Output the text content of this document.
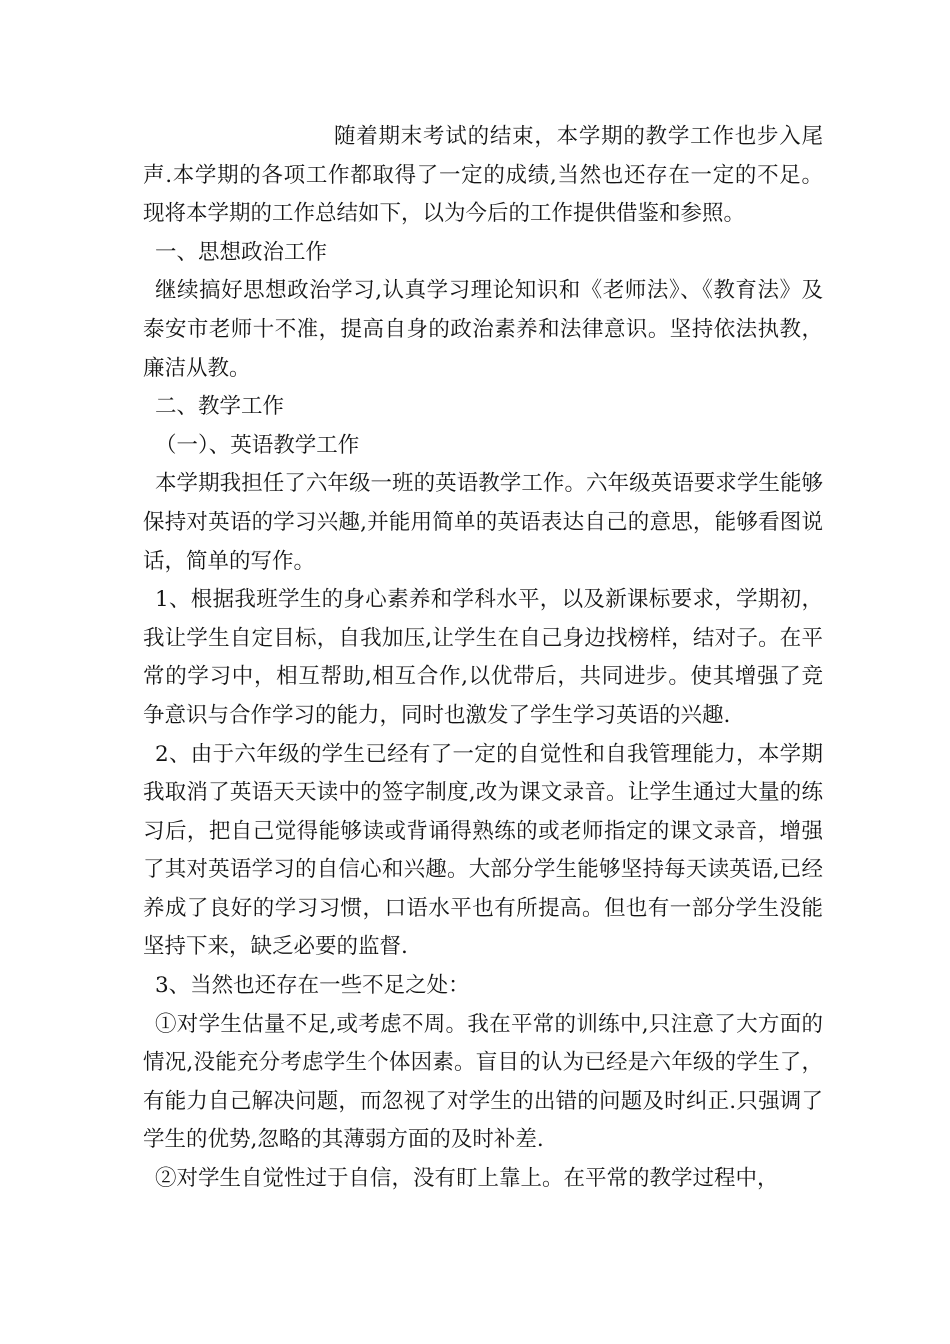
随着期末考试的结束，本学期的教学工作也步入尾声.本学期的各项工作都取得了一定的成绩,当然也还存在一定的不足。现将本学期的工作总结如下，以为今后的工作提供借鉴和参照。

一、思想政治工作

继续搞好思想政治学习,认真学习理论知识和《老师法》、《教育法》及泰安市老师十不准，提高自身的政治素养和法律意识。坚持依法执教，廉洁从教。

二、教学工作

（一）、英语教学工作

本学期我担任了六年级一班的英语教学工作。六年级英语要求学生能够保持对英语的学习兴趣,并能用简单的英语表达自己的意思，能够看图说话，简单的写作。

1、根据我班学生的身心素养和学科水平，以及新课标要求，学期初，我让学生自定目标，自我加压,让学生在自己身边找榜样，结对子。在平常的学习中，相互帮助,相互合作,以优带后，共同进步。使其增强了竞争意识与合作学习的能力，同时也激发了学生学习英语的兴趣.

2、由于六年级的学生已经有了一定的自觉性和自我管理能力，本学期我取消了英语天天读中的签字制度,改为课文录音。让学生通过大量的练习后，把自己觉得能够读或背诵得熟练的或老师指定的课文录音，增强了其对英语学习的自信心和兴趣。大部分学生能够坚持每天读英语,已经养成了良好的学习习惯，口语水平也有所提高。但也有一部分学生没能坚持下来，缺乏必要的监督.

3、当然也还存在一些不足之处：

①对学生估量不足,或考虑不周。我在平常的训练中,只注意了大方面的情况,没能充分考虑学生个体因素。盲目的认为已经是六年级的学生了，有能力自己解决问题，而忽视了对学生的出错的问题及时纠正.只强调了学生的优势,忽略的其薄弱方面的及时补差.

②对学生自觉性过于自信，没有盯上靠上。在平常的教学过程中，
